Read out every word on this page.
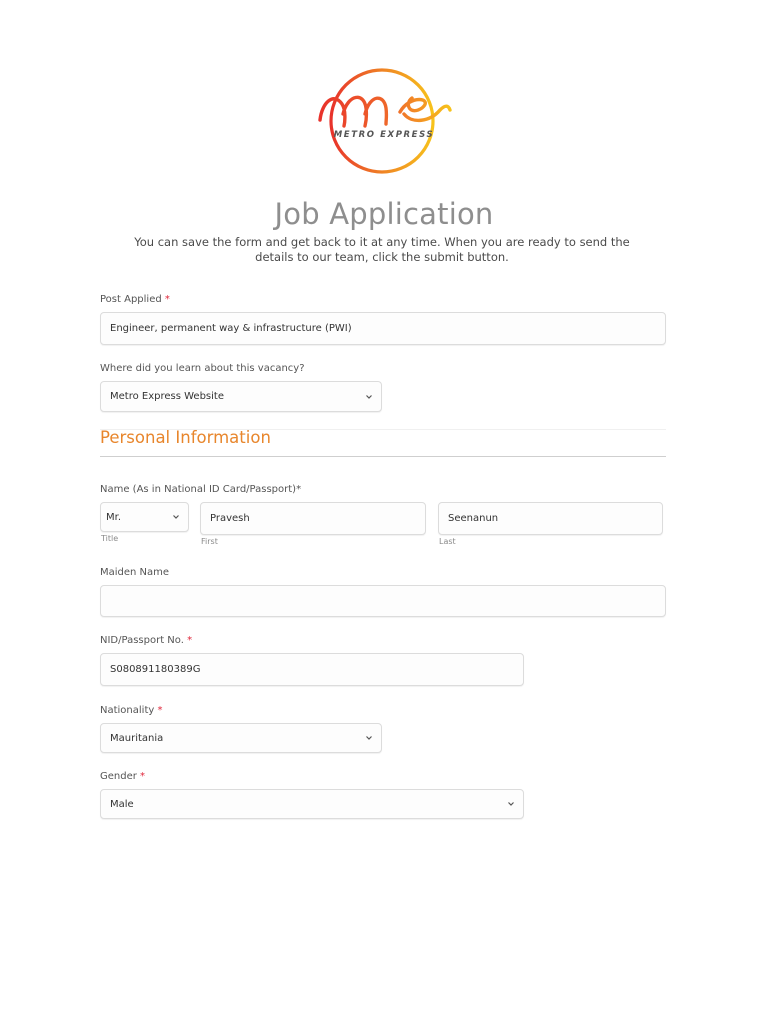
METRO EXPRESS
Job Application

You can save the form and get back to it at any time. When you are ready to send the details to our team, click the submit button.

Post Applied *
Engineer, permanent way & infrastructure (PWI)
Where did you learn about this vacancy?
Metro Express Website
Personal Information
Name (As in National ID Card/Passport)*
Mr.
Title
Pravesh
First
Seenanun
Last
Maiden Name
NID/Passport No. *
S080891180389G
Nationality *
Mauritania
Gender *
Male
